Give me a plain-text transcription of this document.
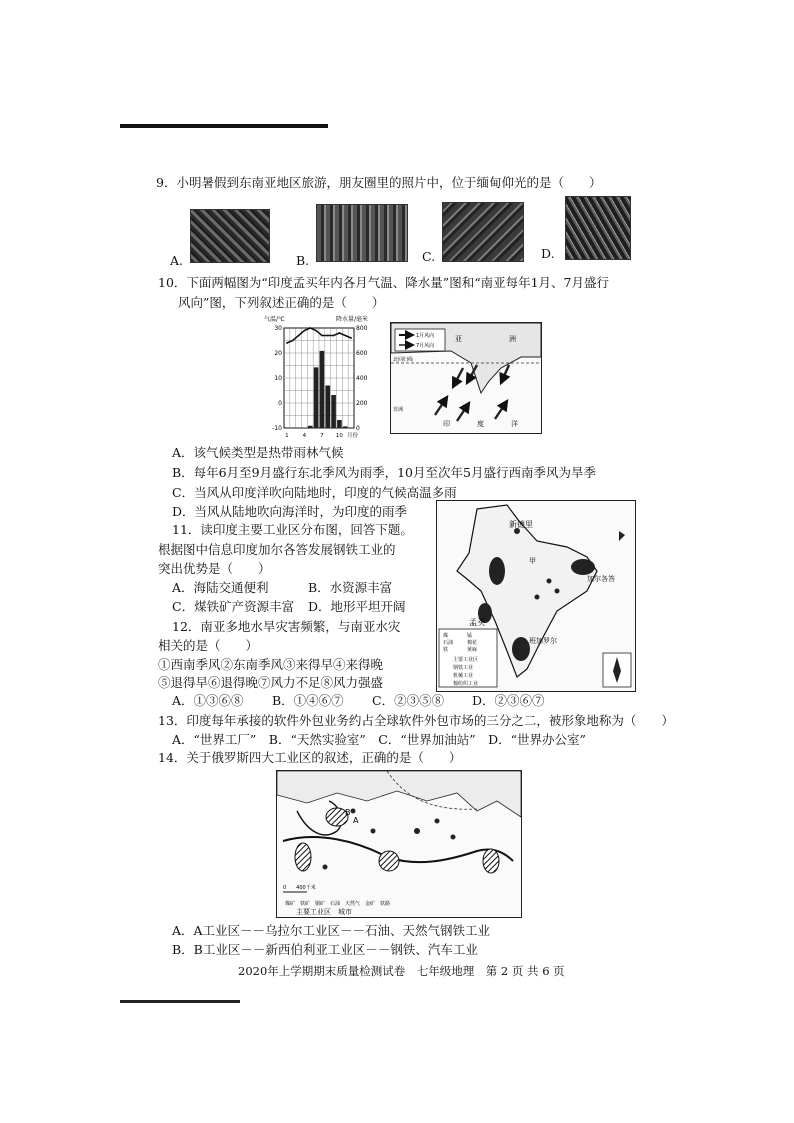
9．小明暑假到东南亚地区旅游，朋友圈里的照片中，位于缅甸仰光的是（　　）
A.	B.	C.	D.
10．下面两幅图为“印度孟买年内各月气温、降水量”图和“南亚每年1月、7月盛行
风向”图，下列叙述正确的是（　　）
30
20
10
0
-10
800
600
400
200
0
1	4	7 10 月份
气温/℃	降水量/毫米
亚	洲
北回归线
非洲
印	度	洋
1月风向
7月风向
A．该气候类型是热带雨林气候
B．每年6月至9月盛行东北季风为雨季，10月至次年5月盛行西南季风为旱季
C．当风从印度洋吹向陆地时，印度的气候高温多雨
D．当风从陆地吹向海洋时，为印度的雨季
11．读印度主要工业区分布图，回答下题。
根据图中信息印度加尔各答发展钢铁工业的
突出优势是（　　）
A．海陆交通便利	B．水资源丰富
C．煤铁矿产资源丰富 D．地形平坦开阔
新德里
加尔各答
孟买
班加罗尔
甲
煤	锰
石油	棉花
铁	黄麻
主要工业区
钢铁工业
机械工业
棉纺织工业
12．南亚多地水旱灾害频繁，与南亚水灾
相关的是（　　）
①西南季风②东南季风③来得早④来得晚
⑤退得早⑥退得晚⑦风力不足⑧风力强盛
A．①③⑥⑧ B．①④⑥⑦ C．②③⑤⑧ D．②③⑥⑦
13．印度每年承接的软件外包业务约占全球软件外包市场的三分之二，被形象地称为（　　）
A．“世界工厂”　B．“天然实验室”　C．“世界加油站”　D．“世界办公室”
14．关于俄罗斯四大工业区的叙述，正确的是（　　）
B
A
0　　400千米
煤矿　铁矿　铜矿　石油　天然气　金矿　铁路
主要工业区　城市
A．A工业区－－乌拉尔工业区－－石油、天然气钢铁工业
B．B工业区－－新西伯利亚工业区－－钢铁、汽车工业
2020年上学期期末质量检测试卷　七年级地理　第 2 页 共 6 页
